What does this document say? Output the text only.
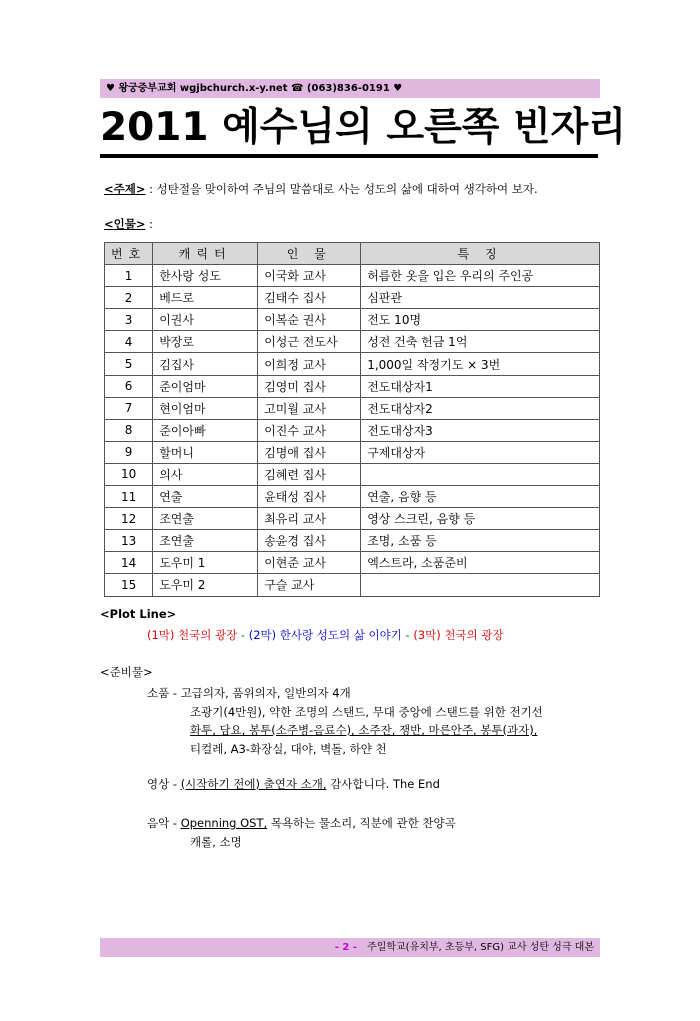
♥ 왕궁중부교회 wgjbchurch.x-y.net ☎ (063)836-0191 ♥
2011 예수님의 오른쪽 빈자리
<주제> : 성탄절을 맞이하여 주님의 말씀대로 사는 성도의 삶에 대하여 생각하여 보자.
<인물> :
번호	캐릭터	인 물	특 징
1	한사랑 성도	이국화 교사	허름한 옷을 입은 우리의 주인공
2	베드로	김태수 집사	심판관
3	이권사	이복순 권사	전도 10명
4	박장로	이성근 전도사	성전 건축 헌금 1억
5	김집사	이희정 교사	1,000일 작정기도 × 3번
6	준이엄마	김영미 집사	전도대상자1
7	현이엄마	고미월 교사	전도대상자2
8	준이아빠	이진수 교사	전도대상자3
9	할머니	김명애 집사	구제대상자
10	의사	김혜련 집사	
11	연출	윤태성 집사	연출, 음향 등
12	조연출	최유리 교사	영상 스크린, 음향 등
13	조연출	송윤경 집사	조명, 소품 등
14	도우미 1	이현준 교사	엑스트라, 소품준비
15	도우미 2	구슬 교사	
<Plot Line>
(1막) 천국의 광장 - (2막) 한사랑 성도의 삶 이야기 - (3막) 천국의 광장
<준비물>
소품 - 고급의자, 품위의자, 일반의자 4개
조광기(4만원), 약한 조명의 스탠드, 무대 중앙에 스탠드를 위한 전기선
화투, 담요, 봉투(소주병-음료수), 소주잔, 쟁반, 마른안주, 봉투(과자),
티컬레, A3-화장실, 대야, 벽돌, 하얀 천
영상 - (시작하기 전에) 출연자 소개, 감사합니다. The End
음악 - Openning OST, 목욕하는 물소리, 직분에 관한 찬양곡
캐롤, 소명
- 2 - 주일학교(유치부, 초등부, SFG) 교사 성탄 성극 대본
